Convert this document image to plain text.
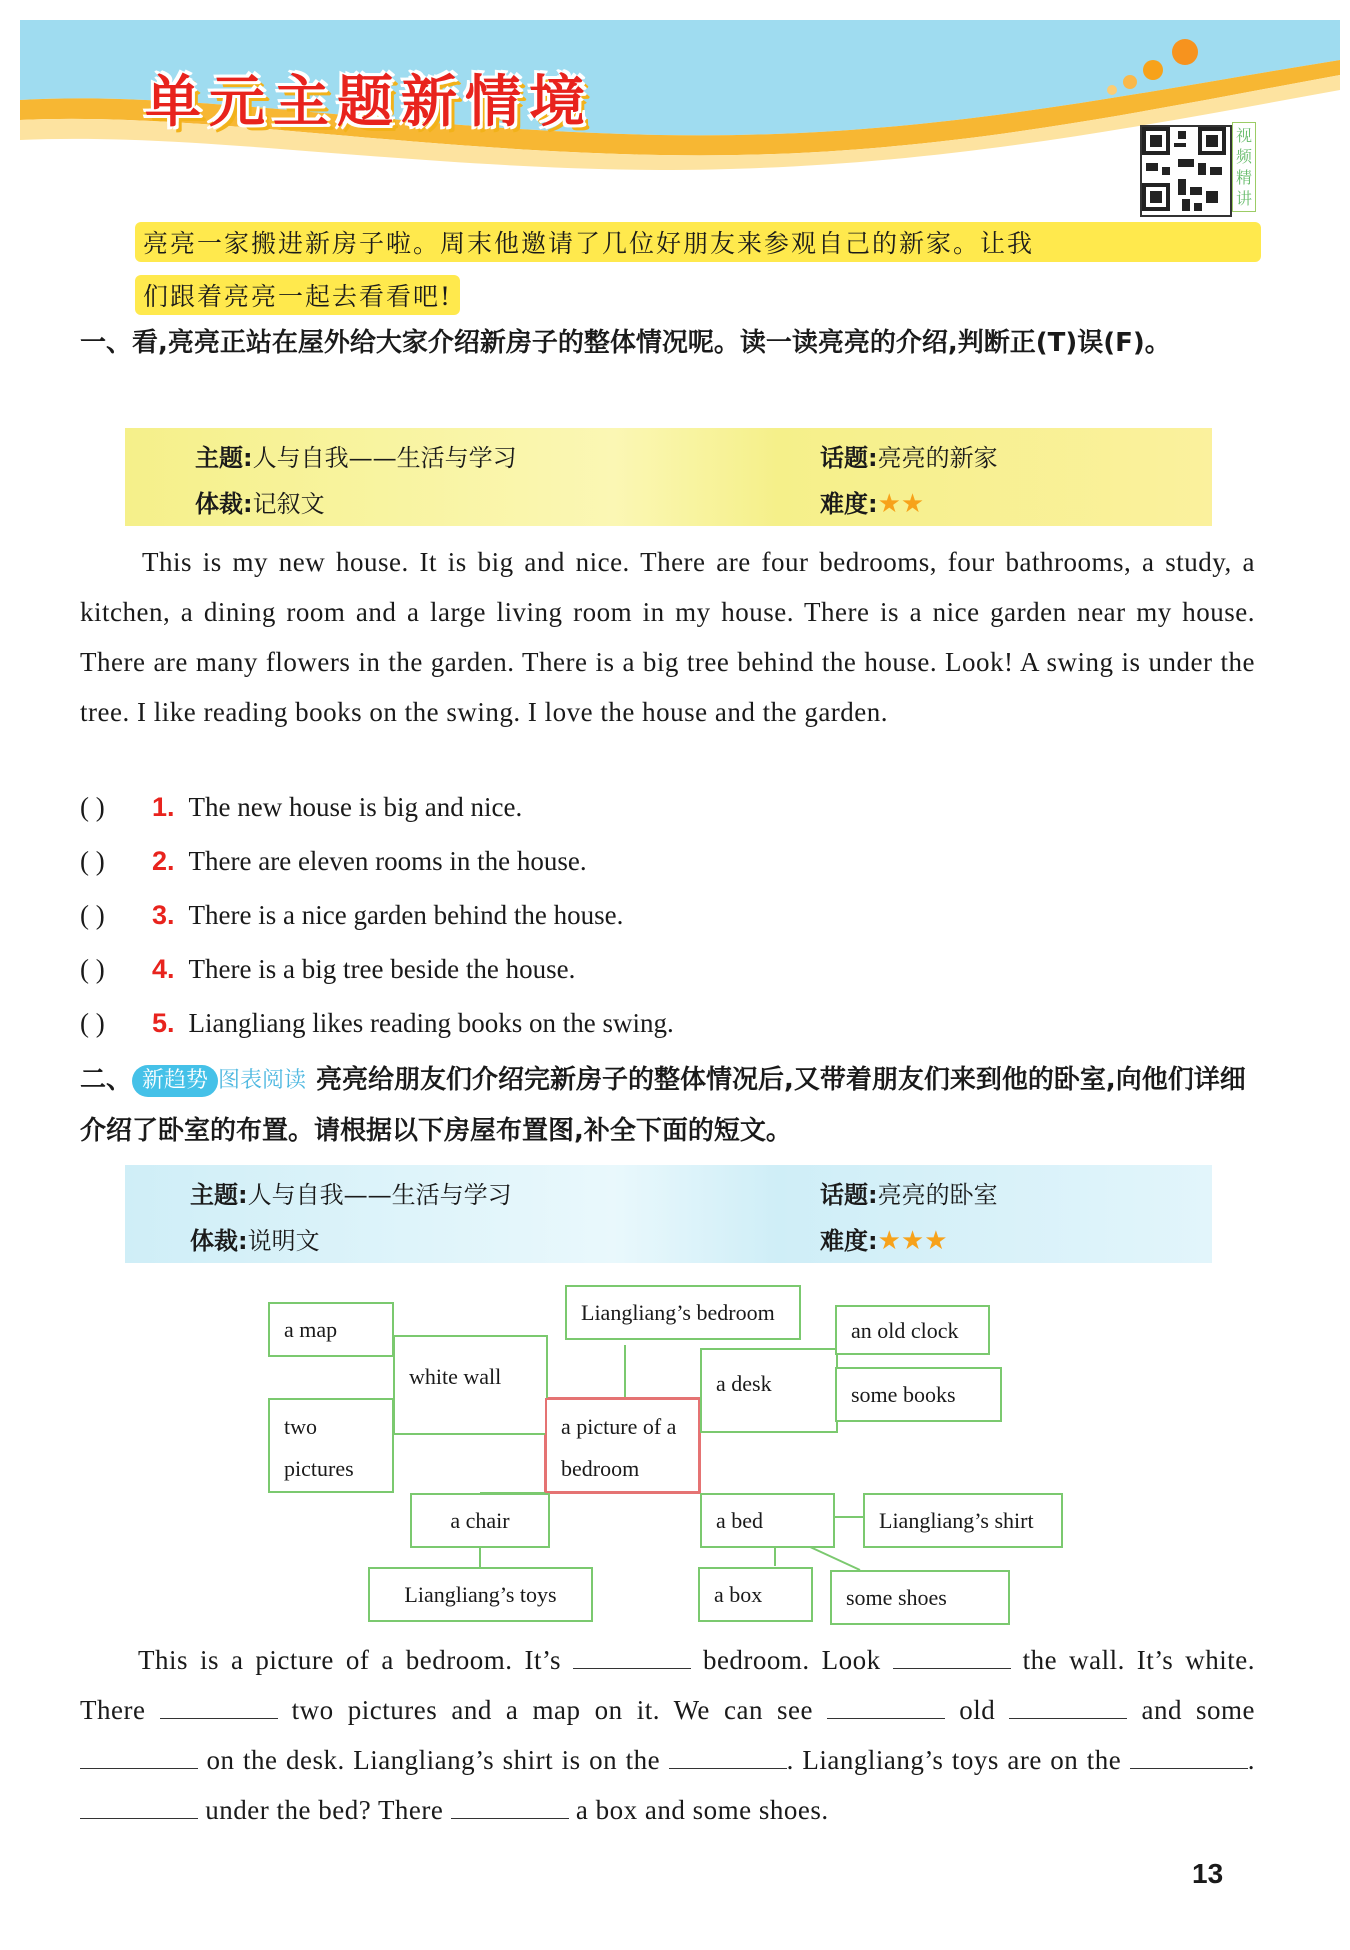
单元主题新情境
视频精讲
亮亮一家搬进新房子啦。周末他邀请了几位好朋友来参观自己的新家。让我
们跟着亮亮一起去看看吧!
一、看,亮亮正站在屋外给大家介绍新房子的整体情况呢。读一读亮亮的介绍,判断正(T)误(F)。
主题:人与自我——生活与学习	话题:亮亮的新家
体裁:记叙文	难度:★★
This is my new house. It is big and nice. There are four bedrooms, four bathrooms, a study, a kitchen, a dining room and a large living room in my house. There is a nice garden near my house. There are many flowers in the garden. There is a big tree behind the house. Look! A swing is under the tree. I like reading books on the swing. I love the house and the garden.
( ) 1. The new house is big and nice.
( ) 2. There are eleven rooms in the house.
( ) 3. There is a nice garden behind the house.
( ) 4. There is a big tree beside the house.
( ) 5. Liangliang likes reading books on the swing.
二、 新趋势 图表阅读 亮亮给朋友们介绍完新房子的整体情况后,又带着朋友们来到他的卧室,向他们详细介绍了卧室的布置。请根据以下房屋布置图,补全下面的短文。
主题:人与自我——生活与学习	话题:亮亮的卧室
体裁:说明文	难度:★★★
Liangliang’s bedroom
a map
white wall
two pictures
a picture of a bedroom
a desk
an old clock
some books
a chair
Liangliang’s toys
a bed	Liangliang’s shirt
a box	some shoes
This is a picture of a bedroom. It’s	bedroom. Look	the wall. It’s white. There	two pictures and a map on it. We can see	old	and some  on the desk. Liangliang’s shirt is on the	. Liangliang’s toys are on the	.  under the bed? There	a box and some shoes.
13
